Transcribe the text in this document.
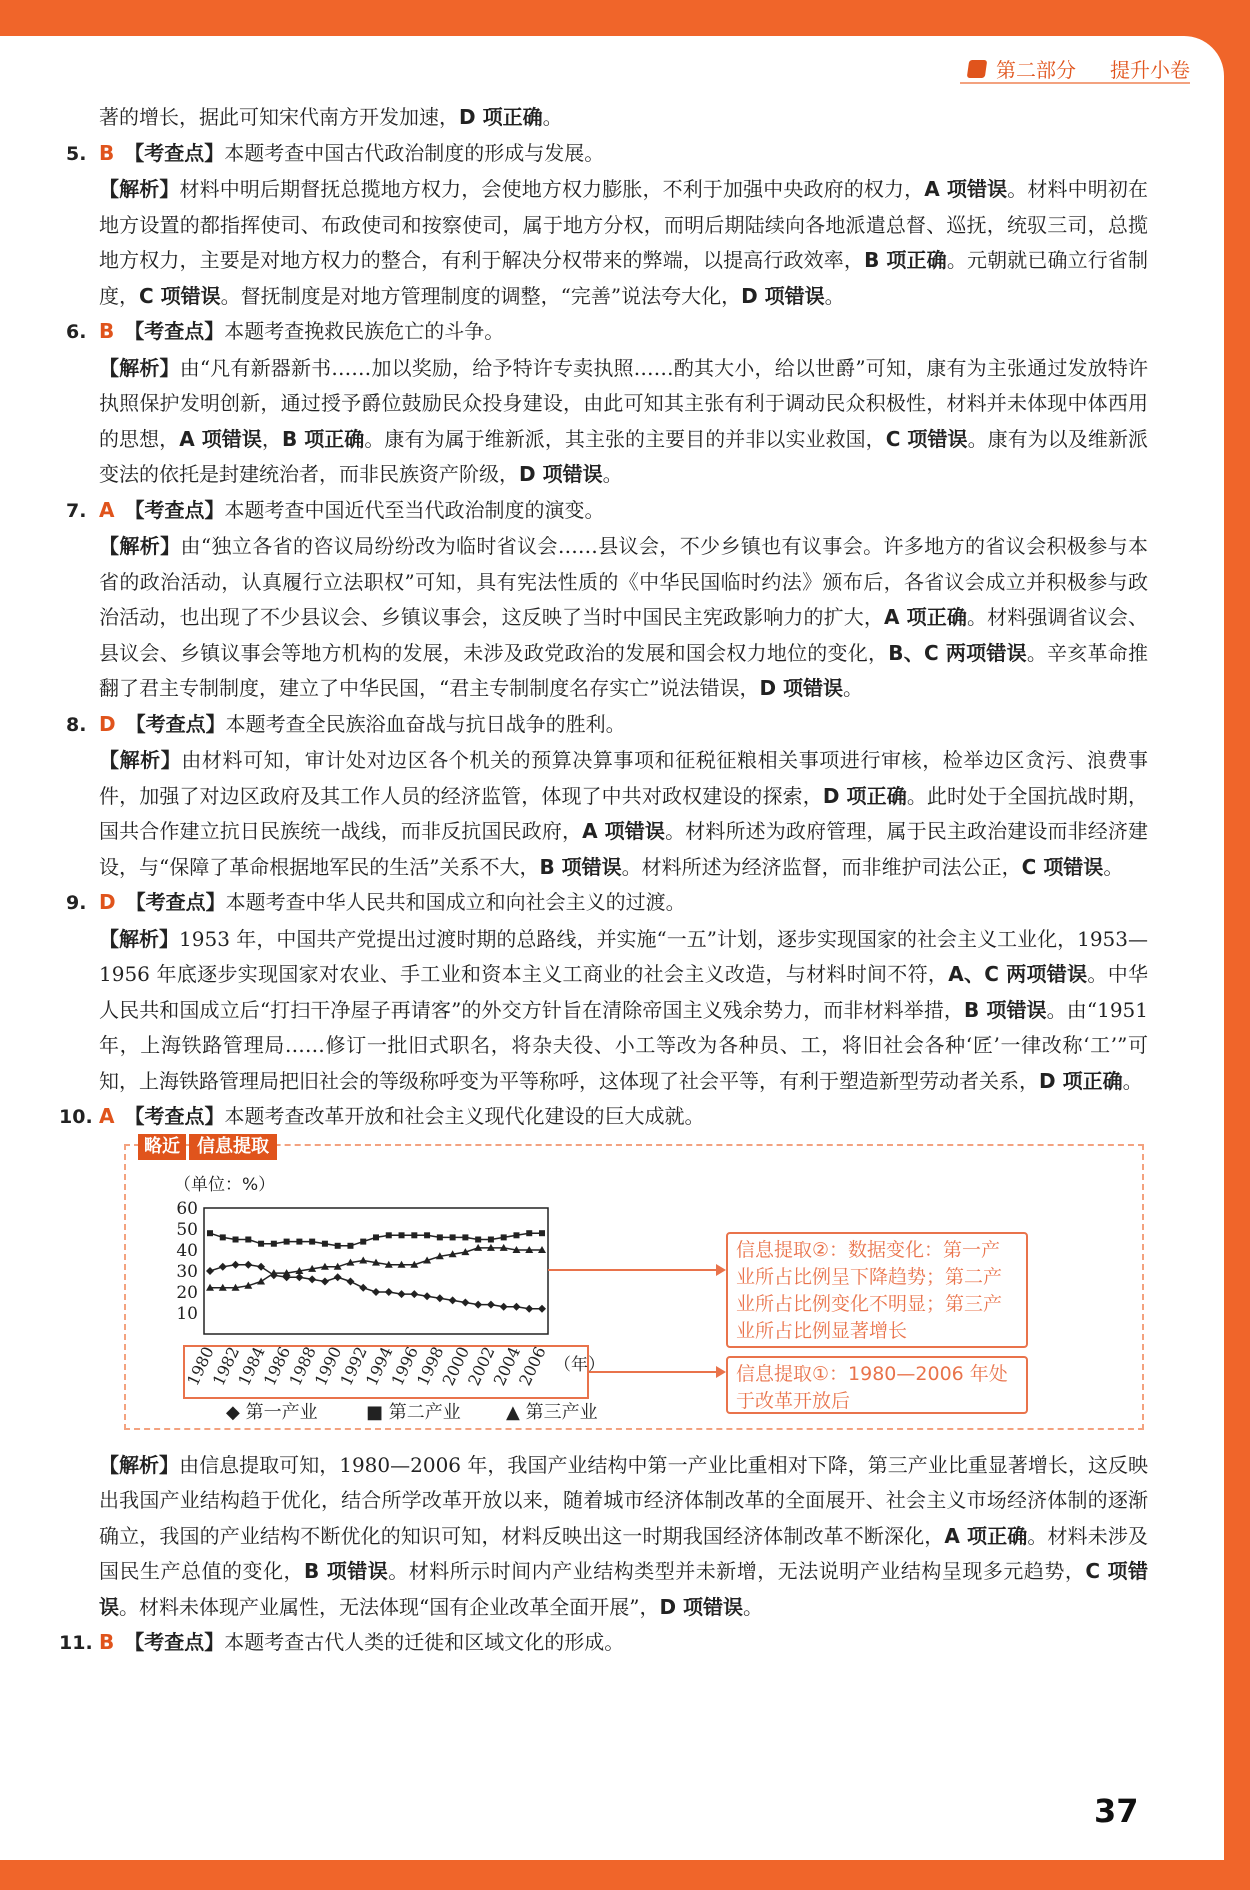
第二部分 提升小卷
著的增长，据此可知宋代南方开发加速，D 项正确。
5. B 【考查点】本题考查中国古代政治制度的形成与发展。
【解析】材料中明后期督抚总揽地方权力，会使地方权力膨胀，不利于加强中央政府的权力，A 项错误。材料中明初在地方设置的都指挥使司、布政使司和按察使司，属于地方分权，而明后期陆续向各地派遣总督、巡抚，统驭三司，总揽地方权力，主要是对地方权力的整合，有利于解决分权带来的弊端，以提高行政效率，B 项正确。元朝就已确立行省制度，C 项错误。督抚制度是对地方管理制度的调整，“完善”说法夸大化，D 项错误。
6. B 【考查点】本题考查挽救民族危亡的斗争。
【解析】由“凡有新器新书……加以奖励，给予特许专卖执照……酌其大小，给以世爵”可知，康有为主张通过发放特许执照保护发明创新，通过授予爵位鼓励民众投身建设，由此可知其主张有利于调动民众积极性，材料并未体现中体西用的思想，A 项错误，B 项正确。康有为属于维新派，其主张的主要目的并非以实业救国，C 项错误。康有为以及维新派变法的依托是封建统治者，而非民族资产阶级，D 项错误。
7. A 【考查点】本题考查中国近代至当代政治制度的演变。
【解析】由“独立各省的咨议局纷纷改为临时省议会……县议会，不少乡镇也有议事会。许多地方的省议会积极参与本省的政治活动，认真履行立法职权”可知，具有宪法性质的《中华民国临时约法》颁布后，各省议会成立并积极参与政治活动，也出现了不少县议会、乡镇议事会，这反映了当时中国民主宪政影响力的扩大，A 项正确。材料强调省议会、县议会、乡镇议事会等地方机构的发展，未涉及政党政治的发展和国会权力地位的变化，B、C 两项错误。辛亥革命推翻了君主专制制度，建立了中华民国，“君主专制制度名存实亡”说法错误，D 项错误。
8. D 【考查点】本题考查全民族浴血奋战与抗日战争的胜利。
【解析】由材料可知，审计处对边区各个机关的预算决算事项和征税征粮相关事项进行审核，检举边区贪污、浪费事件，加强了对边区政府及其工作人员的经济监管，体现了中共对政权建设的探索，D 项正确。此时处于全国抗战时期，国共合作建立抗日民族统一战线，而非反抗国民政府，A 项错误。材料所述为政府管理，属于民主政治建设而非经济建设，与“保障了革命根据地军民的生活”关系不大，B 项错误。材料所述为经济监督，而非维护司法公正，C 项错误。
9. D 【考查点】本题考查中华人民共和国成立和向社会主义的过渡。
【解析】1953 年，中国共产党提出过渡时期的总路线，并实施“一五”计划，逐步实现国家的社会主义工业化，1953—1956 年底逐步实现国家对农业、手工业和资本主义工商业的社会主义改造，与材料时间不符，A、C 两项错误。中华人民共和国成立后“打扫干净屋子再请客”的外交方针旨在清除帝国主义残余势力，而非材料举措，B 项错误。由“1951 年，上海铁路管理局……修订一批旧式职名，将杂夫役、小工等改为各种员、工，将旧社会各种‘匠’一律改称‘工’”可知，上海铁路管理局把旧社会的等级称呼变为平等称呼，这体现了社会平等，有利于塑造新型劳动者关系，D 项正确。
10. A 【考查点】本题考查改革开放和社会主义现代化建设的巨大成就。
略近 信息提取
（单位：%）
10
20
30
40
50
60
1980
1982
1984
1986
1988
1990
1992
1994
1996
1998
2000
2002
2004
2006 （年）
◆ 第一产业	■ 第二产业	▲ 第三产业
信息提取②：数据变化：第一产业所占比例呈下降趋势；第二产业所占比例变化不明显；第三产业所占比例显著增长
信息提取①：1980—2006 年处于改革开放后
【解析】由信息提取可知，1980—2006 年，我国产业结构中第一产业比重相对下降，第三产业比重显著增长，这反映出我国产业结构趋于优化，结合所学改革开放以来，随着城市经济体制改革的全面展开、社会主义市场经济体制的逐渐确立，我国的产业结构不断优化的知识可知，材料反映出这一时期我国经济体制改革不断深化，A 项正确。材料未涉及国民生产总值的变化，B 项错误。材料所示时间内产业结构类型并未新增，无法说明产业结构呈现多元趋势，C 项错误。材料未体现产业属性，无法体现“国有企业改革全面开展”，D 项错误。
11. B 【考查点】本题考查古代人类的迁徙和区域文化的形成。
37
